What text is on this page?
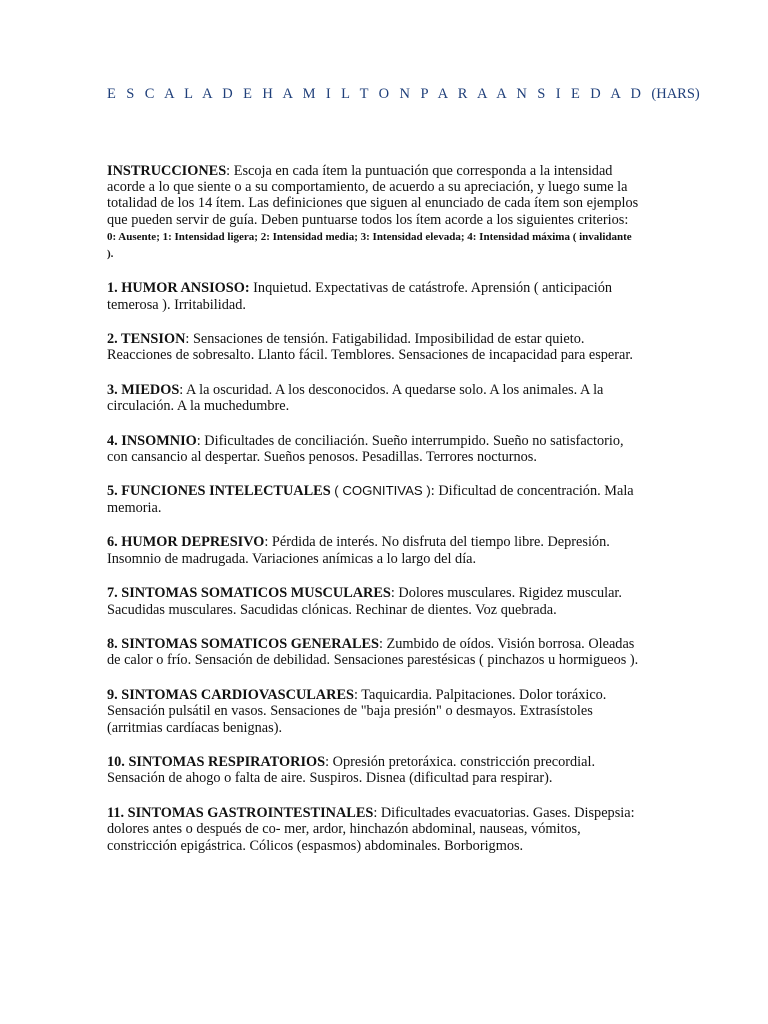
E S C A L A D E H A M I L T O N P A R A A N S I E D A D (HARS)

INSTRUCCIONES: Escoja en cada ítem la puntuación que corresponda a la intensidad acorde a lo que siente o a su comportamiento, de acuerdo a su apreciación, y luego sume la totalidad de los 14 ítem. Las definiciones que siguen al enunciado de cada ítem son ejemplos que pueden servir de guía. Deben puntuarse todos los ítem acorde a los siguientes criterios: 0: Ausente; 1: Intensidad ligera; 2: Intensidad media; 3: Intensidad elevada; 4: Intensidad máxima ( invalidante ).

1. HUMOR ANSIOSO: Inquietud. Expectativas de catástrofe. Aprensión ( anticipación temerosa ). Irritabilidad.

2. TENSION: Sensaciones de tensión. Fatigabilidad. Imposibilidad de estar quieto. Reacciones de sobresalto. Llanto fácil. Temblores. Sensaciones de incapacidad para esperar.

3. MIEDOS: A la oscuridad. A los desconocidos. A quedarse solo. A los animales. A la circulación. A la muchedumbre.

4. INSOMNIO: Dificultades de conciliación. Sueño interrumpido. Sueño no satisfactorio, con cansancio al despertar. Sueños penosos. Pesadillas. Terrores nocturnos.

5. FUNCIONES INTELECTUALES ( COGNITIVAS ): Dificultad de concentración. Mala memoria.

6. HUMOR DEPRESIVO: Pérdida de interés. No disfruta del tiempo libre. Depresión. Insomnio de madrugada. Variaciones anímicas a lo largo del día.

7. SINTOMAS SOMATICOS MUSCULARES: Dolores musculares. Rigidez muscular. Sacudidas musculares. Sacudidas clónicas. Rechinar de dientes. Voz quebrada.

8. SINTOMAS SOMATICOS GENERALES: Zumbido de oídos. Visión borrosa. Oleadas de calor o frío. Sensación de debilidad. Sensaciones parestésicas ( pinchazos u hormigueos ).

9. SINTOMAS CARDIOVASCULARES: Taquicardia. Palpitaciones. Dolor toráxico. Sensación pulsátil en vasos. Sensaciones de "baja presión" o desmayos. Extrasístoles (arritmias cardíacas benignas).

10. SINTOMAS RESPIRATORIOS: Opresión pretoráxica. constricción precordial. Sensación de ahogo o falta de aire. Suspiros. Disnea (dificultad para respirar).

11. SINTOMAS GASTROINTESTINALES: Dificultades evacuatorias. Gases. Dispepsia: dolores antes o después de co- mer, ardor, hinchazón abdominal, nauseas, vómitos, constricción epigástrica. Cólicos (espasmos) abdominales. Borborigmos.
